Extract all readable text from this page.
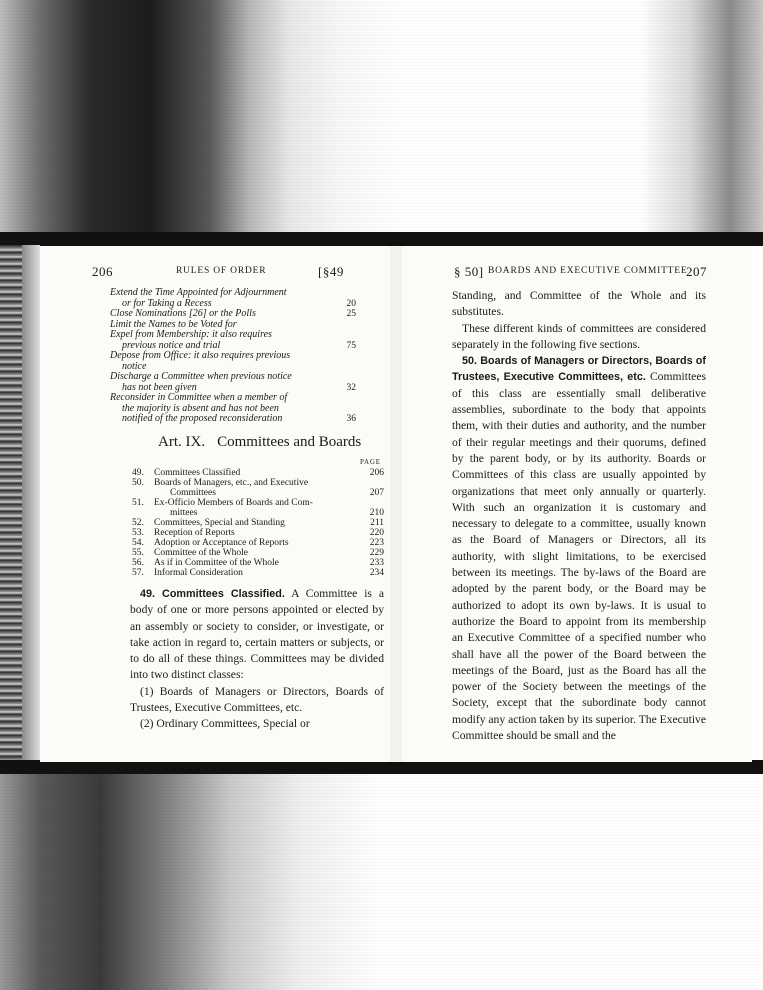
206	RULES OF ORDER	[§49
Extend the Time Appointed for Adjournment
or for Taking a Recess	20
Close Nominations [26] or the Polls	25
Limit the Names to be Voted for
Expel from Membership: it also requires
previous notice and trial	75
Depose from Office: it also requires previous
notice
Discharge a Committee when previous notice
has not been given	32
Reconsider in Committee when a member of
the majority is absent and has not been
notified of the proposed reconsideration	36
Art. IX. Committees and Boards
PAGE
49. Committees Classified	206
50. Boards of Managers, etc., and Executive
Committees	207
51. Ex-Officio Members of Boards and Com-
mittees	210
52. Committees, Special and Standing	211
53. Reception of Reports	220
54. Adoption or Acceptance of Reports	223
55. Committee of the Whole	229
56. As if in Committee of the Whole	233
57. Informal Consideration	234

49. Committees Classified. A Committee is a body of one or more persons appointed or elected by an assembly or society to consider, or investigate, or take action in regard to, certain matters or subjects, or to do all of these things. Committees may be divided into two distinct classes:

(1) Boards of Managers or Directors, Boards of Trustees, Executive Committees, etc.

(2) Ordinary Committees, Special or

§ 50] BOARDS AND EXECUTIVE COMMITTEE
207

Standing, and Committee of the Whole and its substitutes.

These different kinds of committees are considered separately in the following five sections.

50. Boards of Managers or Directors, Boards of Trustees, Executive Committees, etc. Committees of this class are essentially small deliberative assemblies, subordinate to the body that appoints them, with their duties and authority, and the number of their regular meetings and their quorums, defined by the parent body, or by its authority. Boards or Committees of this class are usually appointed by organizations that meet only annually or quarterly. With such an organization it is customary and necessary to delegate to a committee, usually known as the Board of Managers or Directors, all its authority, with slight limitations, to be exercised between its meetings. The by-laws of the Board are adopted by the parent body, or the Board may be authorized to adopt its own by-laws. It is usual to authorize the Board to appoint from its membership an Executive Committee of a specified number who shall have all the power of the Board between the meetings of the Board, just as the Board has all the power of the Society between the meetings of the Society, except that the subordinate body cannot modify any action taken by its superior. The Executive Committee should be small and the
